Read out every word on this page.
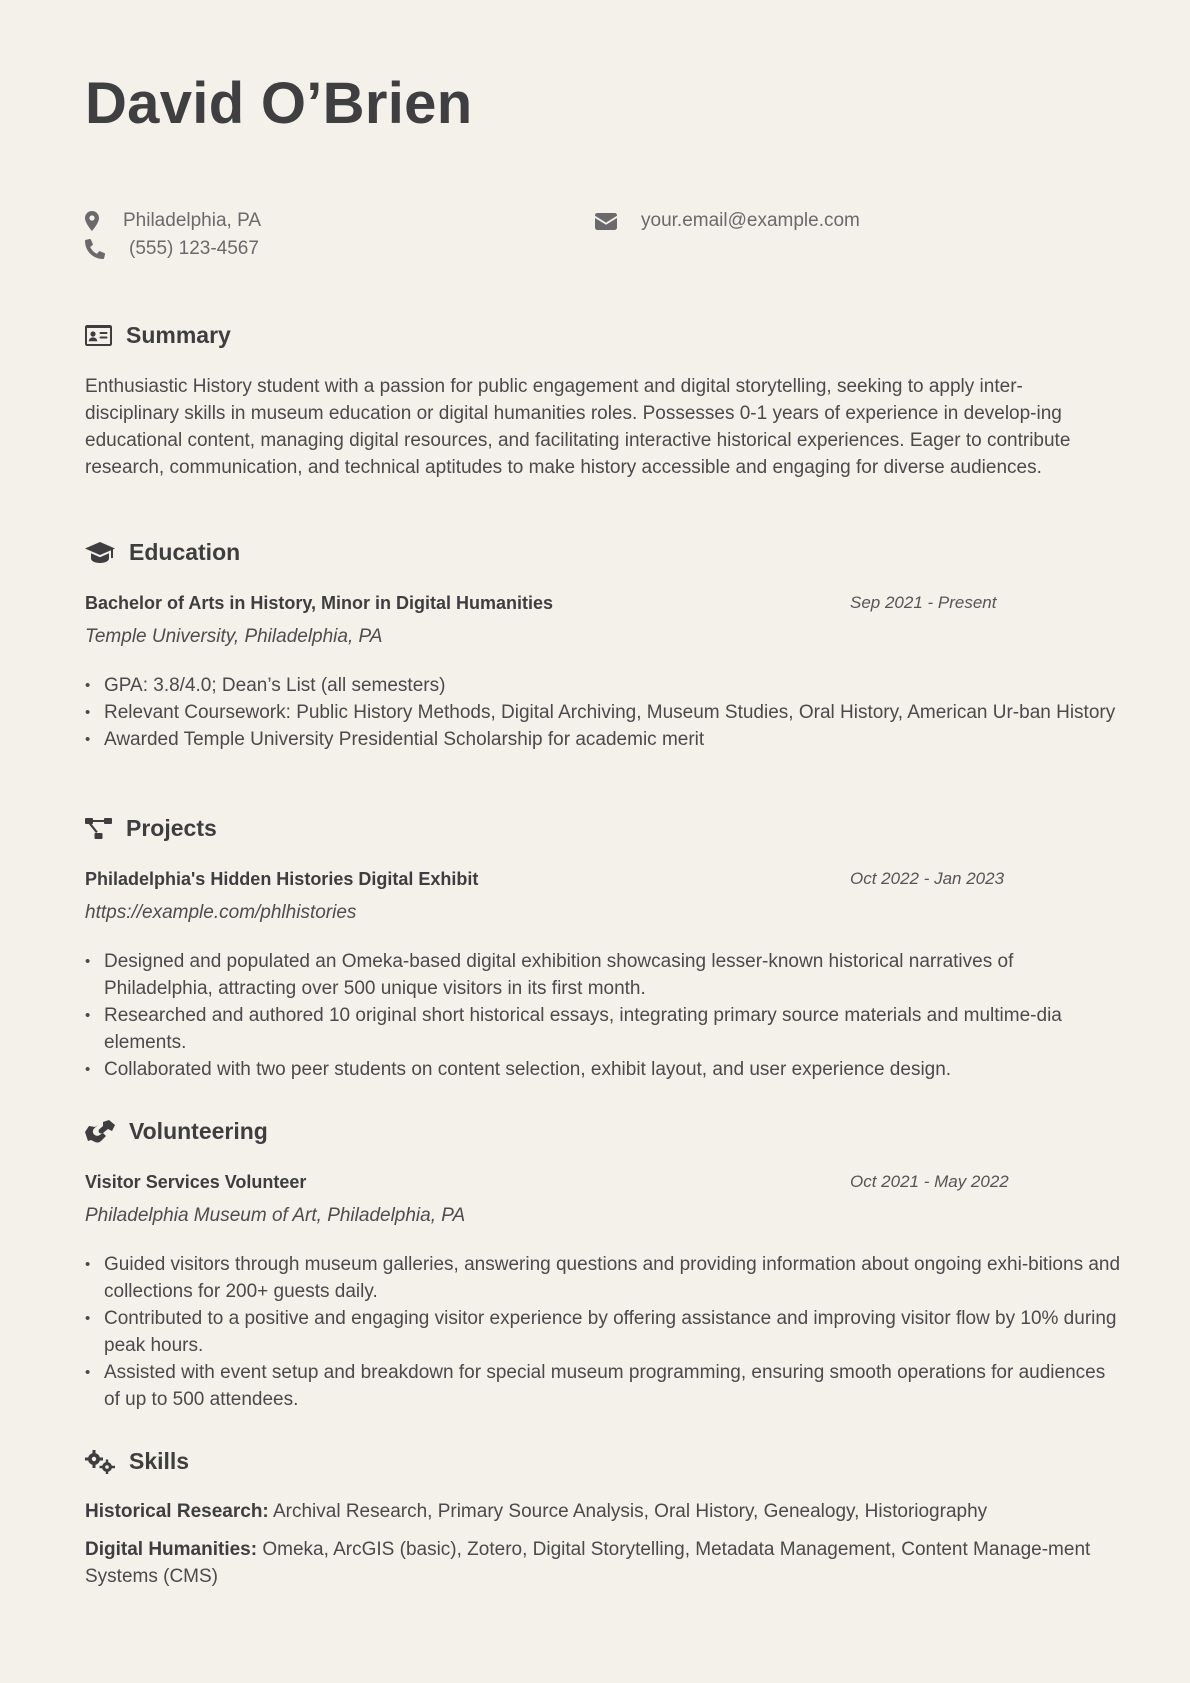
David O’Brien
Philadelphia, PA
(555) 123-4567
your.email@example.com
Summary

Enthusiastic History student with a passion for public engagement and digital storytelling, seeking to apply inter-disciplinary skills in museum education or digital humanities roles. Possesses 0-1 years of experience in develop-ing educational content, managing digital resources, and facilitating interactive historical experiences. Eager to contribute research, communication, and technical aptitudes to make history accessible and engaging for diverse audiences.

Education
Bachelor of Arts in History, Minor in Digital Humanities	Sep 2021 - Present
Temple University, Philadelphia, PA
• GPA: 3.8/4.0; Dean’s List (all semesters)
• Relevant Coursework: Public History Methods, Digital Archiving, Museum Studies, Oral History, American Ur-ban History
• Awarded Temple University Presidential Scholarship for academic merit
Projects
Philadelphia's Hidden Histories Digital Exhibit	Oct 2022 - Jan 2023
https://example.com/phlhistories
• Designed and populated an Omeka-based digital exhibition showcasing lesser-known historical narratives of Philadelphia, attracting over 500 unique visitors in its first month.
• Researched and authored 10 original short historical essays, integrating primary source materials and multime-dia elements.
• Collaborated with two peer students on content selection, exhibit layout, and user experience design.
Volunteering
Visitor Services Volunteer	Oct 2021 - May 2022
Philadelphia Museum of Art, Philadelphia, PA
• Guided visitors through museum galleries, answering questions and providing information about ongoing exhi-bitions and collections for 200+ guests daily.
• Contributed to a positive and engaging visitor experience by offering assistance and improving visitor flow by 10% during peak hours.
• Assisted with event setup and breakdown for special museum programming, ensuring smooth operations for audiences of up to 500 attendees.
Skills

Historical Research: Archival Research, Primary Source Analysis, Oral History, Genealogy, Historiography

Digital Humanities: Omeka, ArcGIS (basic), Zotero, Digital Storytelling, Metadata Management, Content Manage-ment Systems (CMS)
